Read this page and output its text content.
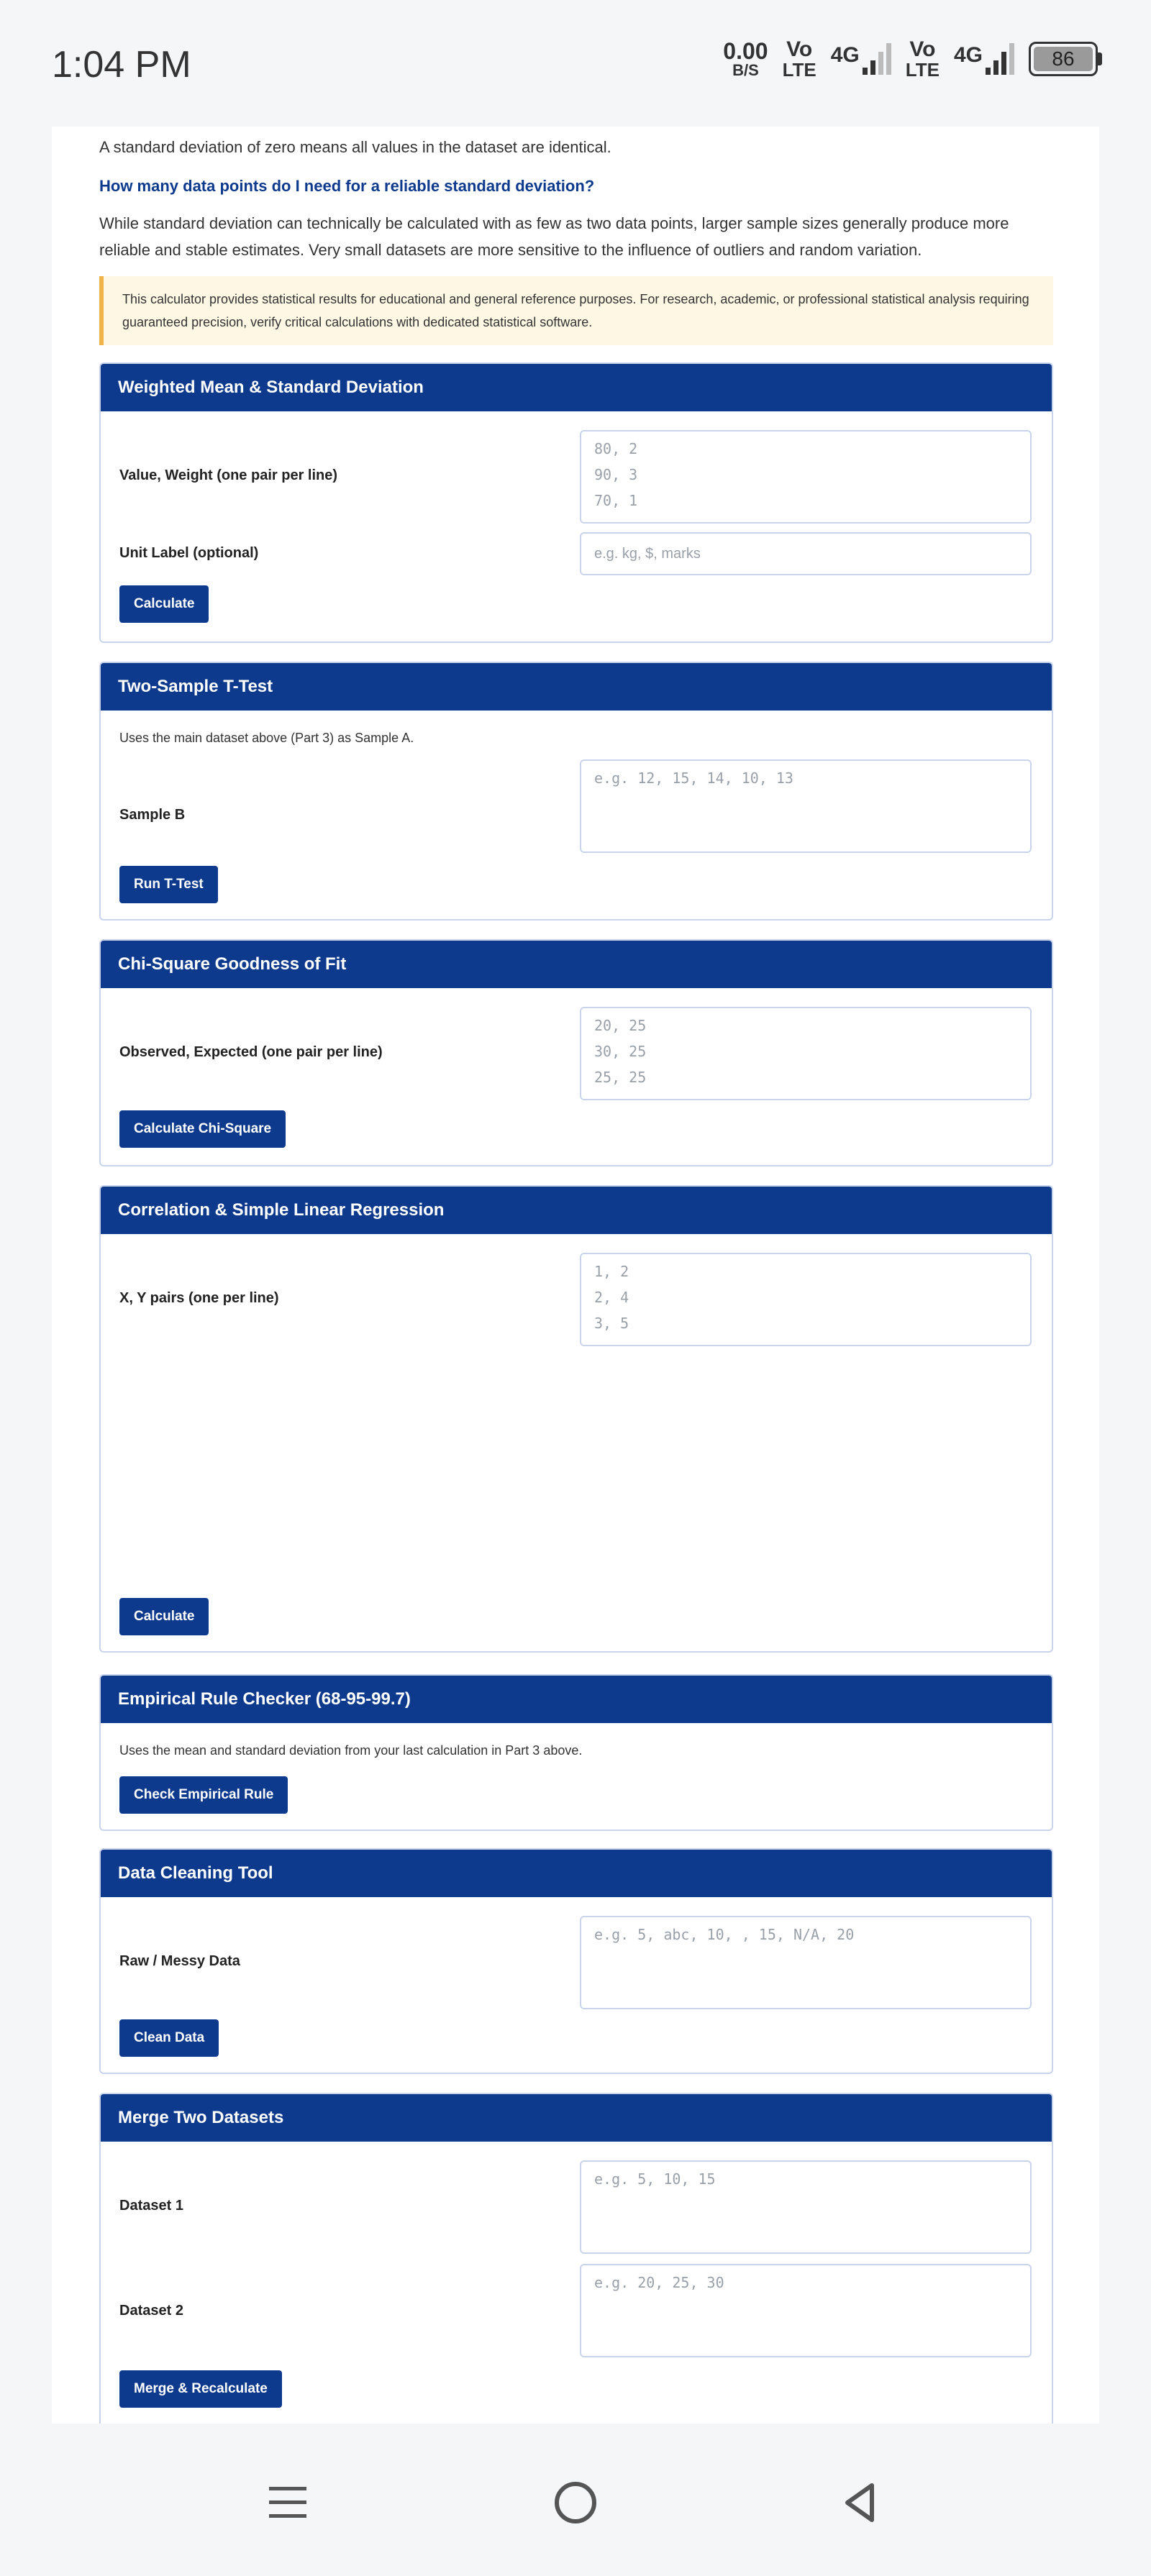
1:04 PM	0.00
B/S
Vo
LTE
4G Vo
LTE
4G	86
A standard deviation of zero means all values in the dataset are identical.
How many data points do I need for a reliable standard deviation?
While standard deviation can technically be calculated with as few as two data points, larger sample sizes generally produce more reliable and stable estimates. Very small datasets are more sensitive to the influence of outliers and random variation.
This calculator provides statistical results for educational and general reference purposes. For research, academic, or professional statistical analysis requiring guaranteed precision, verify critical calculations with dedicated statistical software.
Weighted Mean & Standard Deviation
Value, Weight (one pair per line)
80, 2 90, 3 70, 1
Unit Label (optional)
e.g. kg, $, marks
Calculate
Two-Sample T-Test
Uses the main dataset above (Part 3) as Sample A.
Sample B
e.g. 12, 15, 14, 10, 13
Run T-Test
Chi-Square Goodness of Fit
Observed, Expected (one pair per line)
20, 25 30, 25 25, 25
Calculate Chi-Square
Correlation & Simple Linear Regression
X, Y pairs (one per line)
1, 2 2, 4 3, 5
Calculate
Empirical Rule Checker (68-95-99.7)
Uses the mean and standard deviation from your last calculation in Part 3 above.
Check Empirical Rule
Data Cleaning Tool
Raw / Messy Data
e.g. 5, abc, 10, , 15, N/A, 20
Clean Data
Merge Two Datasets
Dataset 1
e.g. 5, 10, 15
Dataset 2
e.g. 20, 25, 30
Merge & Recalculate
